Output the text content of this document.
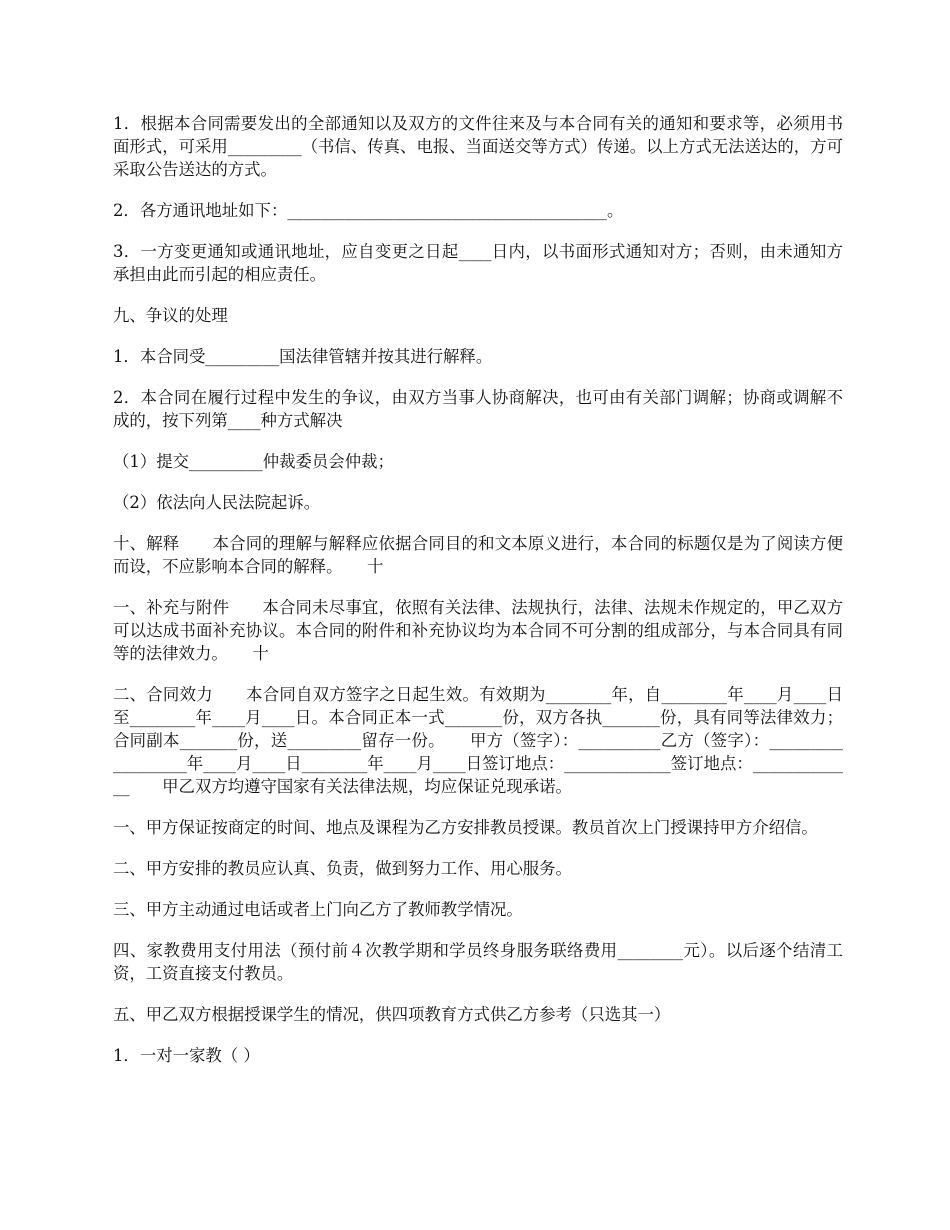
1．根据本合同需要发出的全部通知以及双方的文件往来及与本合同有关的通知和要求等，必须用书面形式，可采用_________（书信、传真、电报、当面送交等方式）传递。以上方式无法送达的，方可采取公告送达的方式。

2．各方通讯地址如下：_______________________________________。

3．一方变更通知或通讯地址，应自变更之日起____日内，以书面形式通知对方；否则，由未通知方承担由此而引起的相应责任。

九、争议的处理

1．本合同受_________国法律管辖并按其进行解释。

2．本合同在履行过程中发生的争议，由双方当事人协商解决，也可由有关部门调解；协商或调解不成的，按下列第____种方式解决

（1）提交_________仲裁委员会仲裁；

（2）依法向人民法院起诉。

十、解释　　本合同的理解与解释应依据合同目的和文本原义进行，本合同的标题仅是为了阅读方便而设，不应影响本合同的解释。　　十

一、补充与附件　　本合同未尽事宜，依照有关法律、法规执行，法律、法规未作规定的，甲乙双方可以达成书面补充协议。本合同的附件和补充协议均为本合同不可分割的组成部分，与本合同具有同等的法律效力。　　十

二、合同效力　　本合同自双方签字之日起生效。有效期为________年，自________年____月____日至________年____月____日。本合同正本一式_______份，双方各执_______份，具有同等法律效力；合同副本_______份，送_________留存一份。　　甲方（签字）：__________乙方（签字）：_________　　_________年____月____日________年____月____日签订地点：_____________签订地点：_____________　　甲乙双方均遵守国家有关法律法规，均应保证兑现承诺。

一、甲方保证按商定的时间、地点及课程为乙方安排教员授课。教员首次上门授课持甲方介绍信。

二、甲方安排的教员应认真、负责，做到努力工作、用心服务。

三、甲方主动通过电话或者上门向乙方了教师教学情况。

四、家教费用支付用法（预付前４次教学期和学员终身服务联络费用________元）。以后逐个结清工资，工资直接支付教员。

五、甲乙双方根据授课学生的情况，供四项教育方式供乙方参考（只选其一）

1．一对一家教（ ）
